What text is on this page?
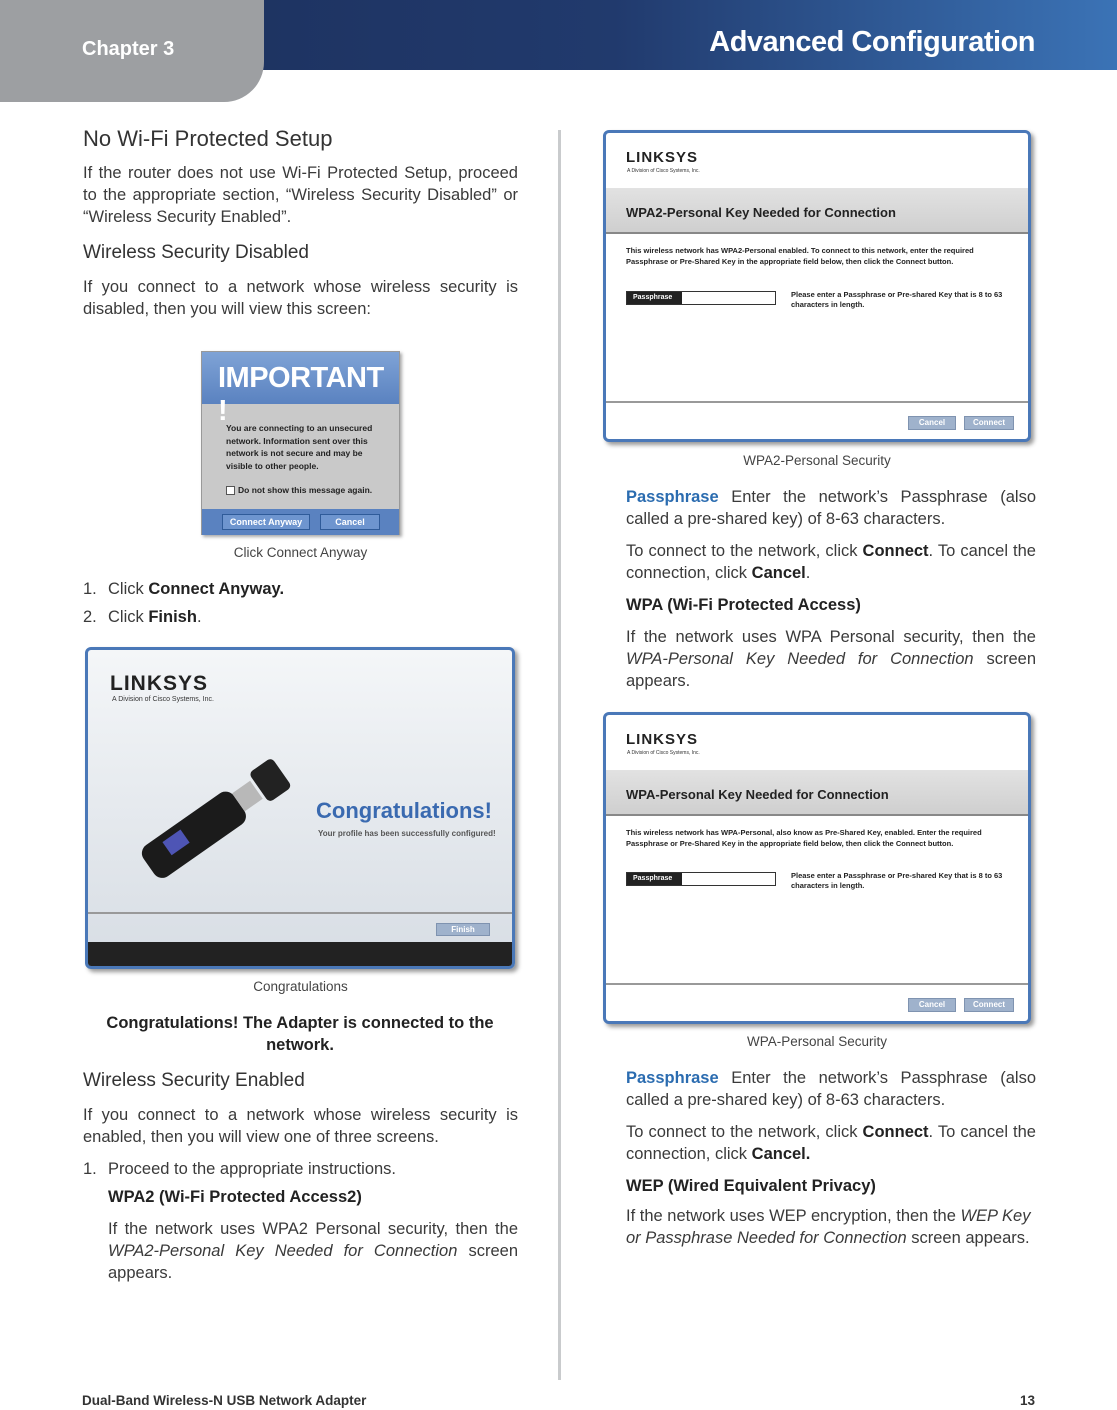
Chapter 3	Advanced Configuration
No Wi-Fi Protected Setup

If the router does not use Wi-Fi Protected Setup, proceed to the appropriate section, “Wireless Security Disabled” or “Wireless Security Enabled”.

Wireless Security Disabled

If you connect to a network whose wireless security is disabled, then you will view this screen:

IMPORTANT !
You are connecting to an unsecured network. Information sent over this network is not secure and may be visible to other people.
Do not show this message again.
Connect Anyway	Cancel
Click Connect Anyway
1. Click
Connect Anyway.
2. Click
Finish .
LINKSYS
A Division of Cisco Systems, Inc.
Congratulations!
Your profile has been successfully configured!
Finish
Congratulations
Congratulations! The Adapter is connected to the network.
Wireless Security Enabled

If you connect to a network whose wireless security is enabled, then you will view one of three screens.

1. Proceed to the appropriate instructions.
WPA2 (Wi-Fi Protected Access2)

If the network uses WPA2 Personal security, then the WPA2-Personal Key Needed for Connection screen appears.

LINKSYS
A Division of Cisco Systems, Inc.
WPA2-Personal Key Needed for Connection
This wireless network has WPA2-Personal enabled. To connect to this network, enter the required Passphrase or Pre-Shared Key in the appropriate field below, then click the Connect button.
Passphrase	Please enter a Passphrase or Pre-shared Key that is 8 to 63 characters in length.
Cancel	Connect
WPA2-Personal Security

Passphrase Enter the network’s Passphrase (also called a pre-shared key) of 8-63 characters.

To connect to the network, click Connect. To cancel the connection, click Cancel.

WPA (Wi-Fi Protected Access)

If the network uses WPA Personal security, then the WPA-Personal Key Needed for Connection screen appears.

LINKSYS
A Division of Cisco Systems, Inc.
WPA-Personal Key Needed for Connection
This wireless network has WPA-Personal, also know as Pre-Shared Key, enabled. Enter the required Passphrase or Pre-Shared Key in the appropriate field below, then click the Connect button.
Passphrase	Please enter a Passphrase or Pre-shared Key that is 8 to 63 characters in length.
Cancel	Connect
WPA-Personal Security

Passphrase Enter the network’s Passphrase (also called a pre-shared key) of 8-63 characters.

To connect to the network, click Connect. To cancel the connection, click Cancel.

WEP (Wired Equivalent Privacy)

If the network uses WEP encryption, then the WEP Key or Passphrase Needed for Connection screen appears.

Dual-Band Wireless-N USB Network Adapter	13
